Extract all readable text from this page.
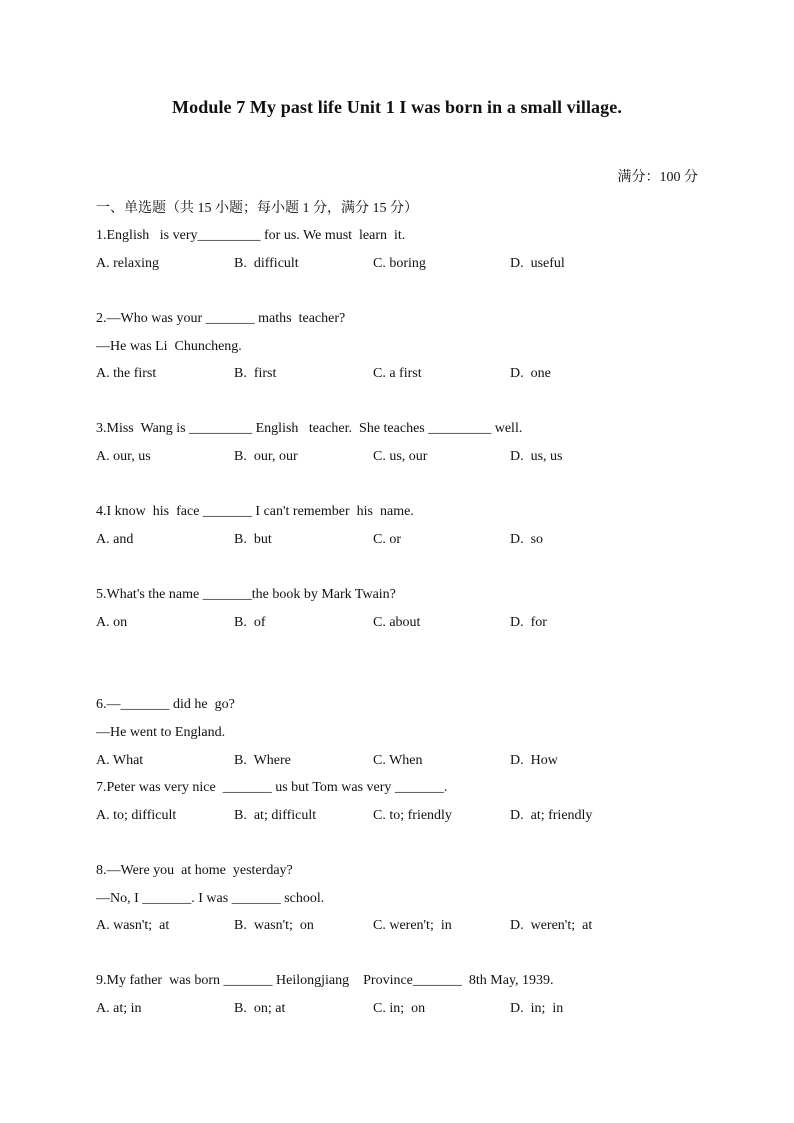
Module 7 My past life Unit 1 I was born in a small village.
满分：100 分
一、单选题（共 15 小题；每小题 1 分，满分 15 分）
1.English   is very_________ for us. We must  learn  it.
A. relaxing	B.  difficult	C. boring	D.  useful
2.—Who was your _______ maths  teacher?
—He was Li  Chuncheng.
A. the first	B.  first	C. a first	D.  one
3.Miss  Wang is _________ English   teacher.  She teaches _________ well.
A. our, us	B.  our, our	C. us, our	D.  us, us
4.I know  his  face _______ I can't remember  his  name.
A. and	B.  but	C. or	D.  so
5.What's the name _______the book by Mark Twain?
A. on	B.  of	C. about	D.  for
6.—_______ did he  go?
—He went to England.
A. What	B.  Where	C. When	D.  How
7.Peter was very nice  _______ us but Tom was very _______.
A. to; difficult	B.  at; difficult	C. to; friendly	D.  at; friendly
8.—Were you  at home  yesterday?
—No, I _______. I was _______ school.
A. wasn't;  at	B.  wasn't;  on	C. weren't;  in	D.  weren't;  at
9.My father  was born _______ Heilongjiang    Province_______  8th May, 1939.
A. at; in	B.  on; at	C. in;  on	D.  in;  in
